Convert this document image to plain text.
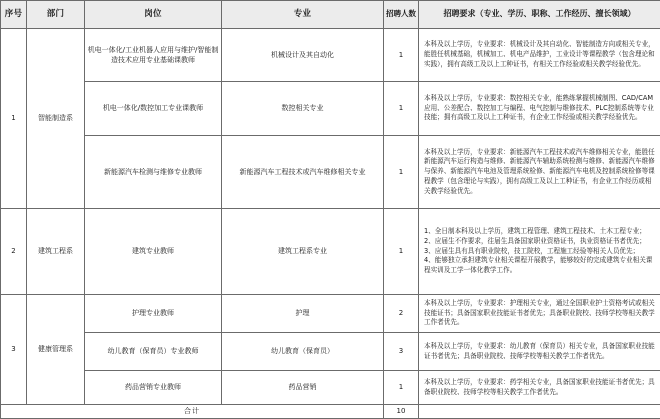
序号	部门	岗位	专业	招聘人数	招聘要求（专业、学历、职称、工作经历、擅长领域）
1	智能制造系	机电一体化/工业机器人应用与维护/智能制造技术应用专业基础课教师	机械设计及其自动化	1	本科及以上学历，专业要求：机械设计及其自动化、智能制造方向或相关专业，能胜任机械基础，机械加工、机电产品维护，工业设计等课程教学（包含理论和实践），拥有高级工及以上工种证书，有相关工作经验或相关教学经验优先。

		机电一体化/数控加工专业课教师	数控相关专业	1	本科及以上学历，专业要求：数控相关专业，能熟练掌握机械制图、CAD/CAM应用、公差配合、数控加工与编程、电气控制与维修技术、PLC控制系统等专业技能；拥有高级工及以上工种证书，有企业工作经验或相关教学经验优先。

		新能源汽车检测与维修专业教师	新能源汽车工程技术或汽车维修相关专业	1	本科及以上学历，专业要求：新能源汽车工程技术或汽车维修相关专业，能胜任新能源汽车运行构造与维修、新能源汽车辅助系统检测与维修、新能源汽车维修与保养、新能源汽车电池及管理系统检修、新能源汽车电机及控制系统检修等课程教学（包含理论与实践），拥有高级工及以上工种证书，有企业工作经历或相关教学经验优先。

2	建筑工程系	建筑专业教师	建筑工程系专业	1	1、全日制本科及以上学历，建筑工程管理、建筑工程技术、土木工程专业；
2、应届生不作要求，往届生具备国家职业资格证书，执业资格证书者优先；
3、应届生具有具有职业院校，技工院校，工程施工经验等相关人员优先；
4、能够独立承担建筑专业相关课程开展教学，能够较好的完成建筑专业相关课程实训及工学一体化教学工作。

3	健康管理系	护理专业教师	护理	2	本科及以上学历，专业要求：护理相关专业，通过全国职业护士资格考试或相关技能证书；具备国家职业技能证书者优先；具备职业院校、技师学校等相关教学工作者优先。

		幼儿教育（保育员）专业教师	幼儿教育（保育员）	3	本科及以上学历，专业要求：幼儿教育（保育员）相关专业，具备国家职业技能证书者优先；具备职业院校、技师学校等相关教学工作者优先。

		药品营销专业教师	药品营销	1	本科及以上学历，专业要求：药学相关专业，具备国家职业技能证书者优先；具备职业院校、技师学校等相关教学工作者优先。

合计				10	
